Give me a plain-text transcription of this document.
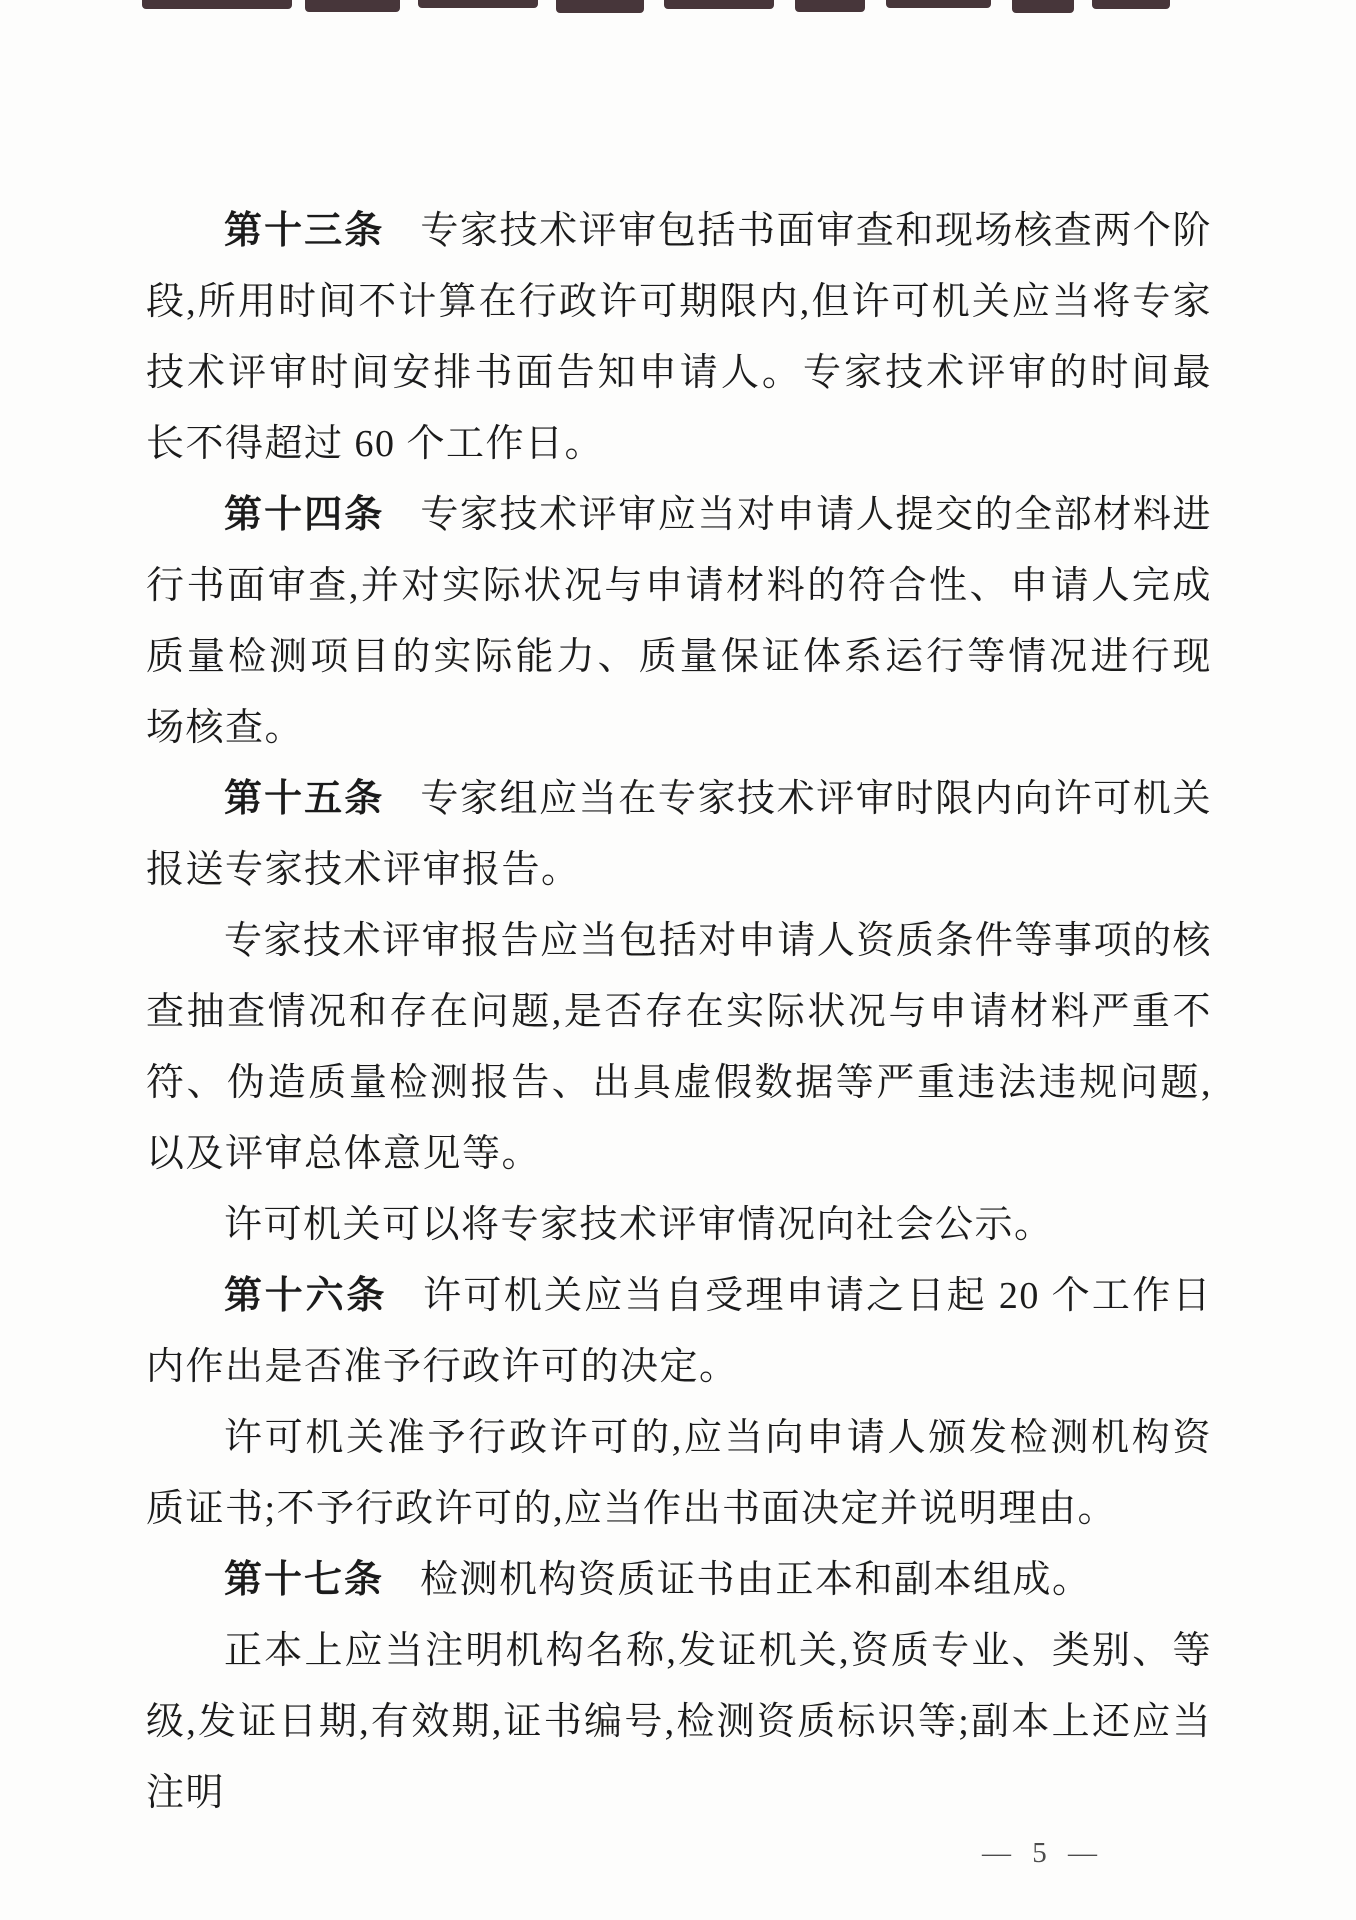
第十三条 专家技术评审包括书面审查和现场核查两个阶段,所用时间不计算在行政许可期限内,但许可机关应当将专家技术评审时间安排书面告知申请人。专家技术评审的时间最长不得超过 60 个工作日。

第十四条 专家技术评审应当对申请人提交的全部材料进行书面审查,并对实际状况与申请材料的符合性、申请人完成质量检测项目的实际能力、质量保证体系运行等情况进行现场核查。

第十五条 专家组应当在专家技术评审时限内向许可机关报送专家技术评审报告。

专家技术评审报告应当包括对申请人资质条件等事项的核查抽查情况和存在问题,是否存在实际状况与申请材料严重不符、伪造质量检测报告、出具虚假数据等严重违法违规问题,以及评审总体意见等。

许可机关可以将专家技术评审情况向社会公示。

第十六条 许可机关应当自受理申请之日起 20 个工作日内作出是否准予行政许可的决定。

许可机关准予行政许可的,应当向申请人颁发检测机构资质证书;不予行政许可的,应当作出书面决定并说明理由。

第十七条 检测机构资质证书由正本和副本组成。

正本上应当注明机构名称,发证机关,资质专业、类别、等级,发证日期,有效期,证书编号,检测资质标识等;副本上还应当注明

— 5 —
